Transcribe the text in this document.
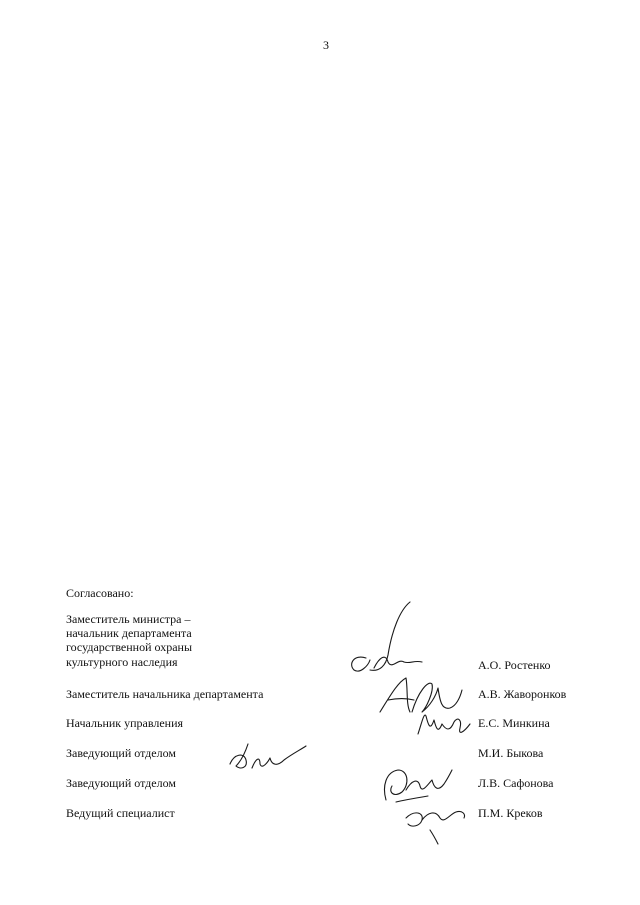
3
Согласовано:
Заместитель министра –
начальник департамента
государственной охраны
культурного наследия	А.О. Ростенко
Заместитель начальника департамента	А.В. Жаворонков
Начальник управления	Е.С. Минкина
Заведующий отделом	М.И. Быкова
Заведующий отделом	Л.В. Сафонова
Ведущий специалист	П.М. Креков
